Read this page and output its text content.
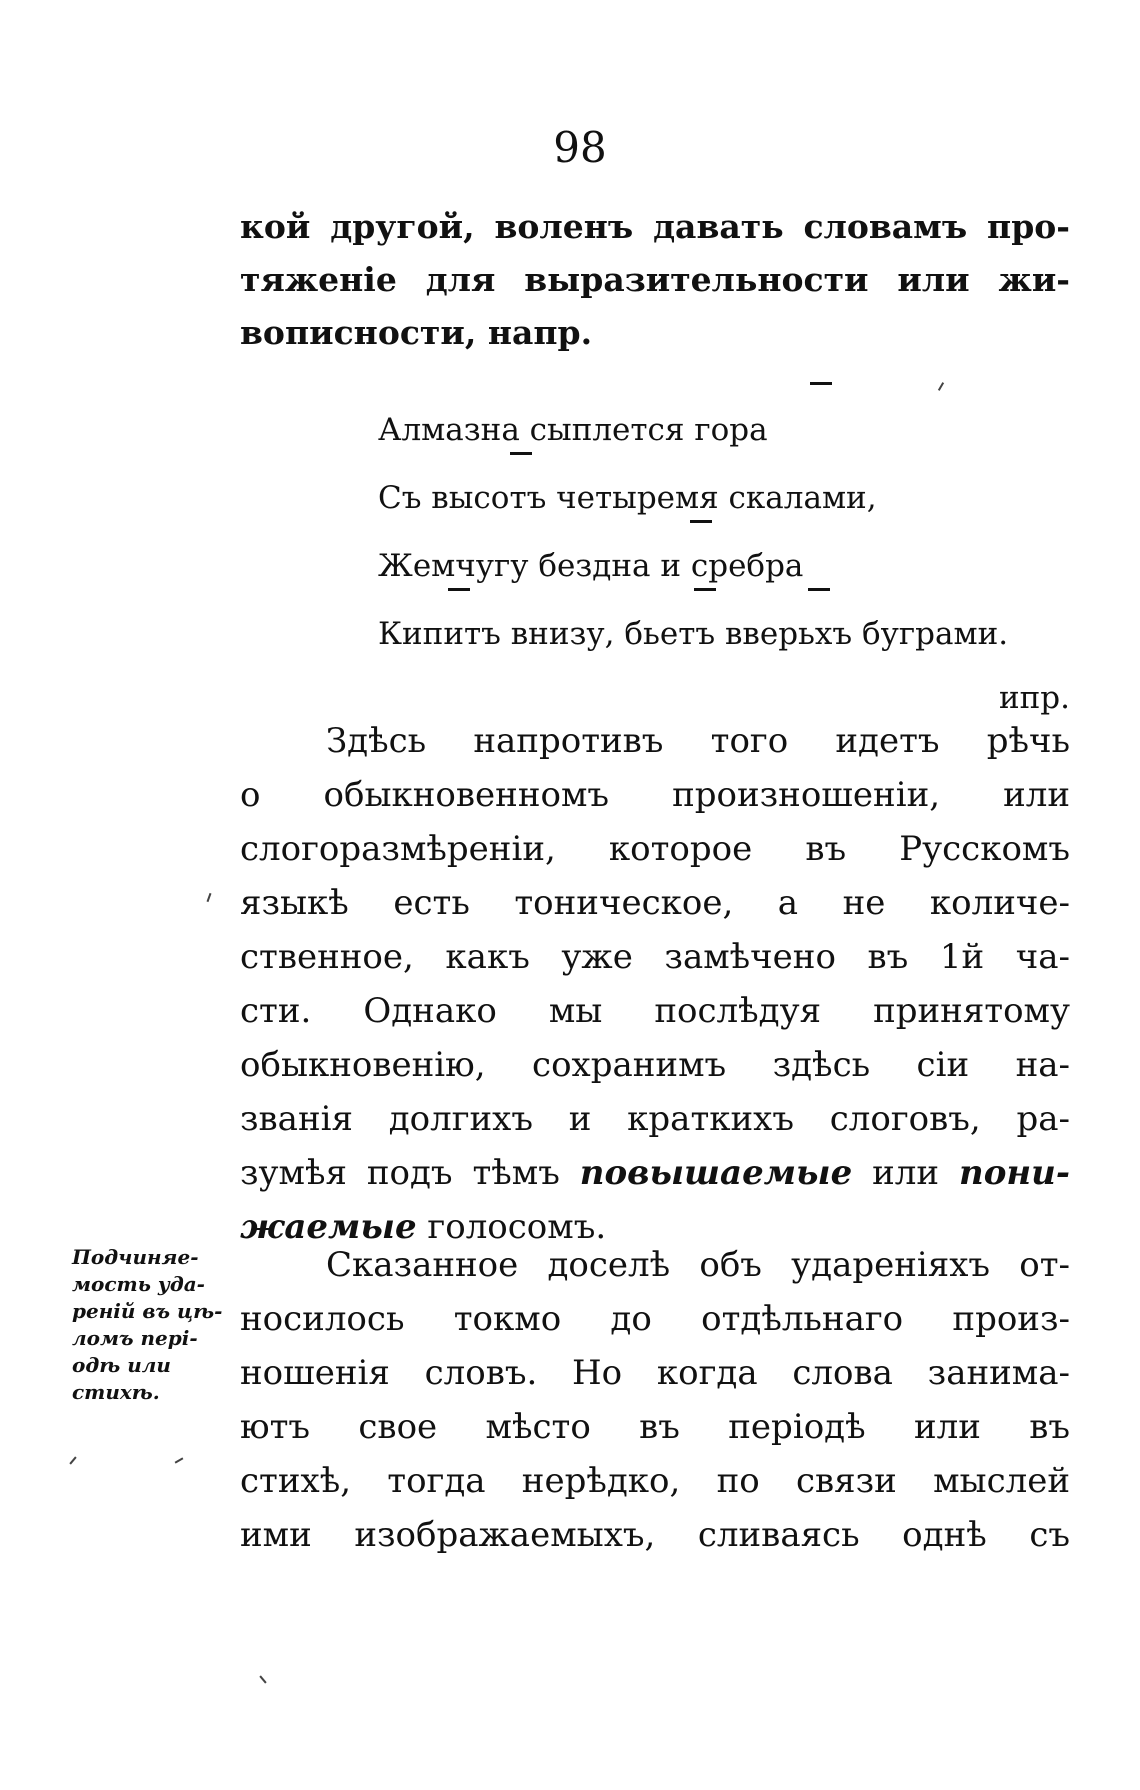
98
кой другой, воленъ давать словамъ про-
тяженіе для выразительности или жи-
вописности, напр.
Алмазна сыплется гора
Съ высотъ четыремя скалами,
Жемчугу бездна и сребра
Кипитъ внизу, бьетъ вверьхъ буграми.
ипр.
Здѣсь напротивъ того идетъ рѣчь
о обыкновенномъ произношеніи, или
слогоразмѣреніи, которое въ Русскомъ
языкѣ есть тоническое, а не количе-
ственное, какъ уже замѣчено въ 1й ча-
сти. Однако мы послѣдуя принятому
обыкновенію, сохранимъ здѣсь сіи на-
званія долгихъ и краткихъ слоговъ, ра-
зумѣя подъ тѣмъ повышаемые или пони-
жаемые голосомъ.
Подчиняе-
мость уда-
реній въ цѣ-
ломъ перi-
одѣ или
стихѣ.
Сказанное доселѣ объ удареніяхъ от-
носилось токмо до отдѣльнаго произ-
ношенія словъ. Но когда слова занима-
ютъ свое мѣсто въ періодѣ или въ
стихѣ, тогда нерѣдко, по связи мыслей
ими изображаемыхъ, сливаясь однѣ съ
